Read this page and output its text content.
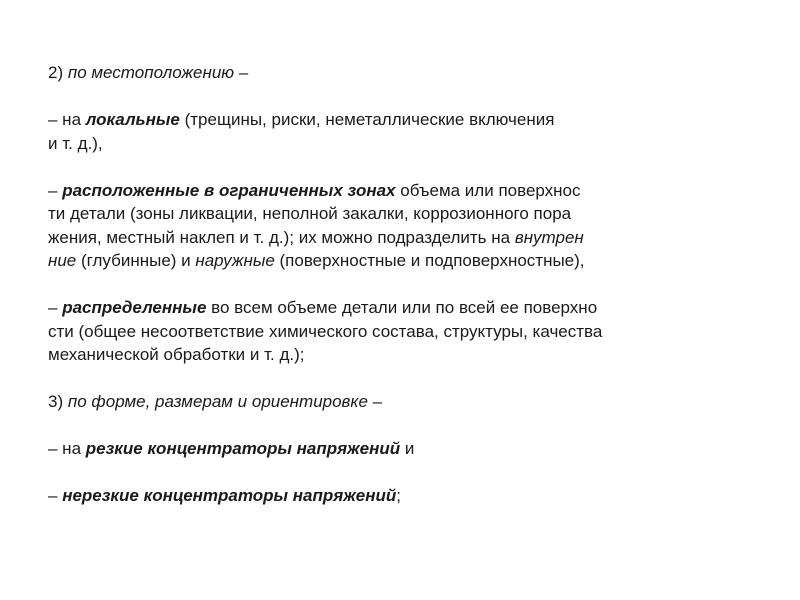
2) по местоположению –
– на локальные (трещины, риски, неметаллические включения
и т. д.),
– расположенные в ограниченных зонах объема или поверхнос
ти детали (зоны ликвации, неполной закалки, коррозионного пора
жения, местный наклеп и т. д.); их можно подразделить на внутрен
ние (глубинные) и наружные (поверхностные и подповерхностные),
– распределенные во всем объеме детали или по всей ее поверхно
сти (общее несоответствие химического состава, структуры, качества
механической обработки и т. д.);
3) по форме, размерам и ориентировке –
– на резкие концентраторы напряжений и
– нерезкие концентраторы напряжений;
